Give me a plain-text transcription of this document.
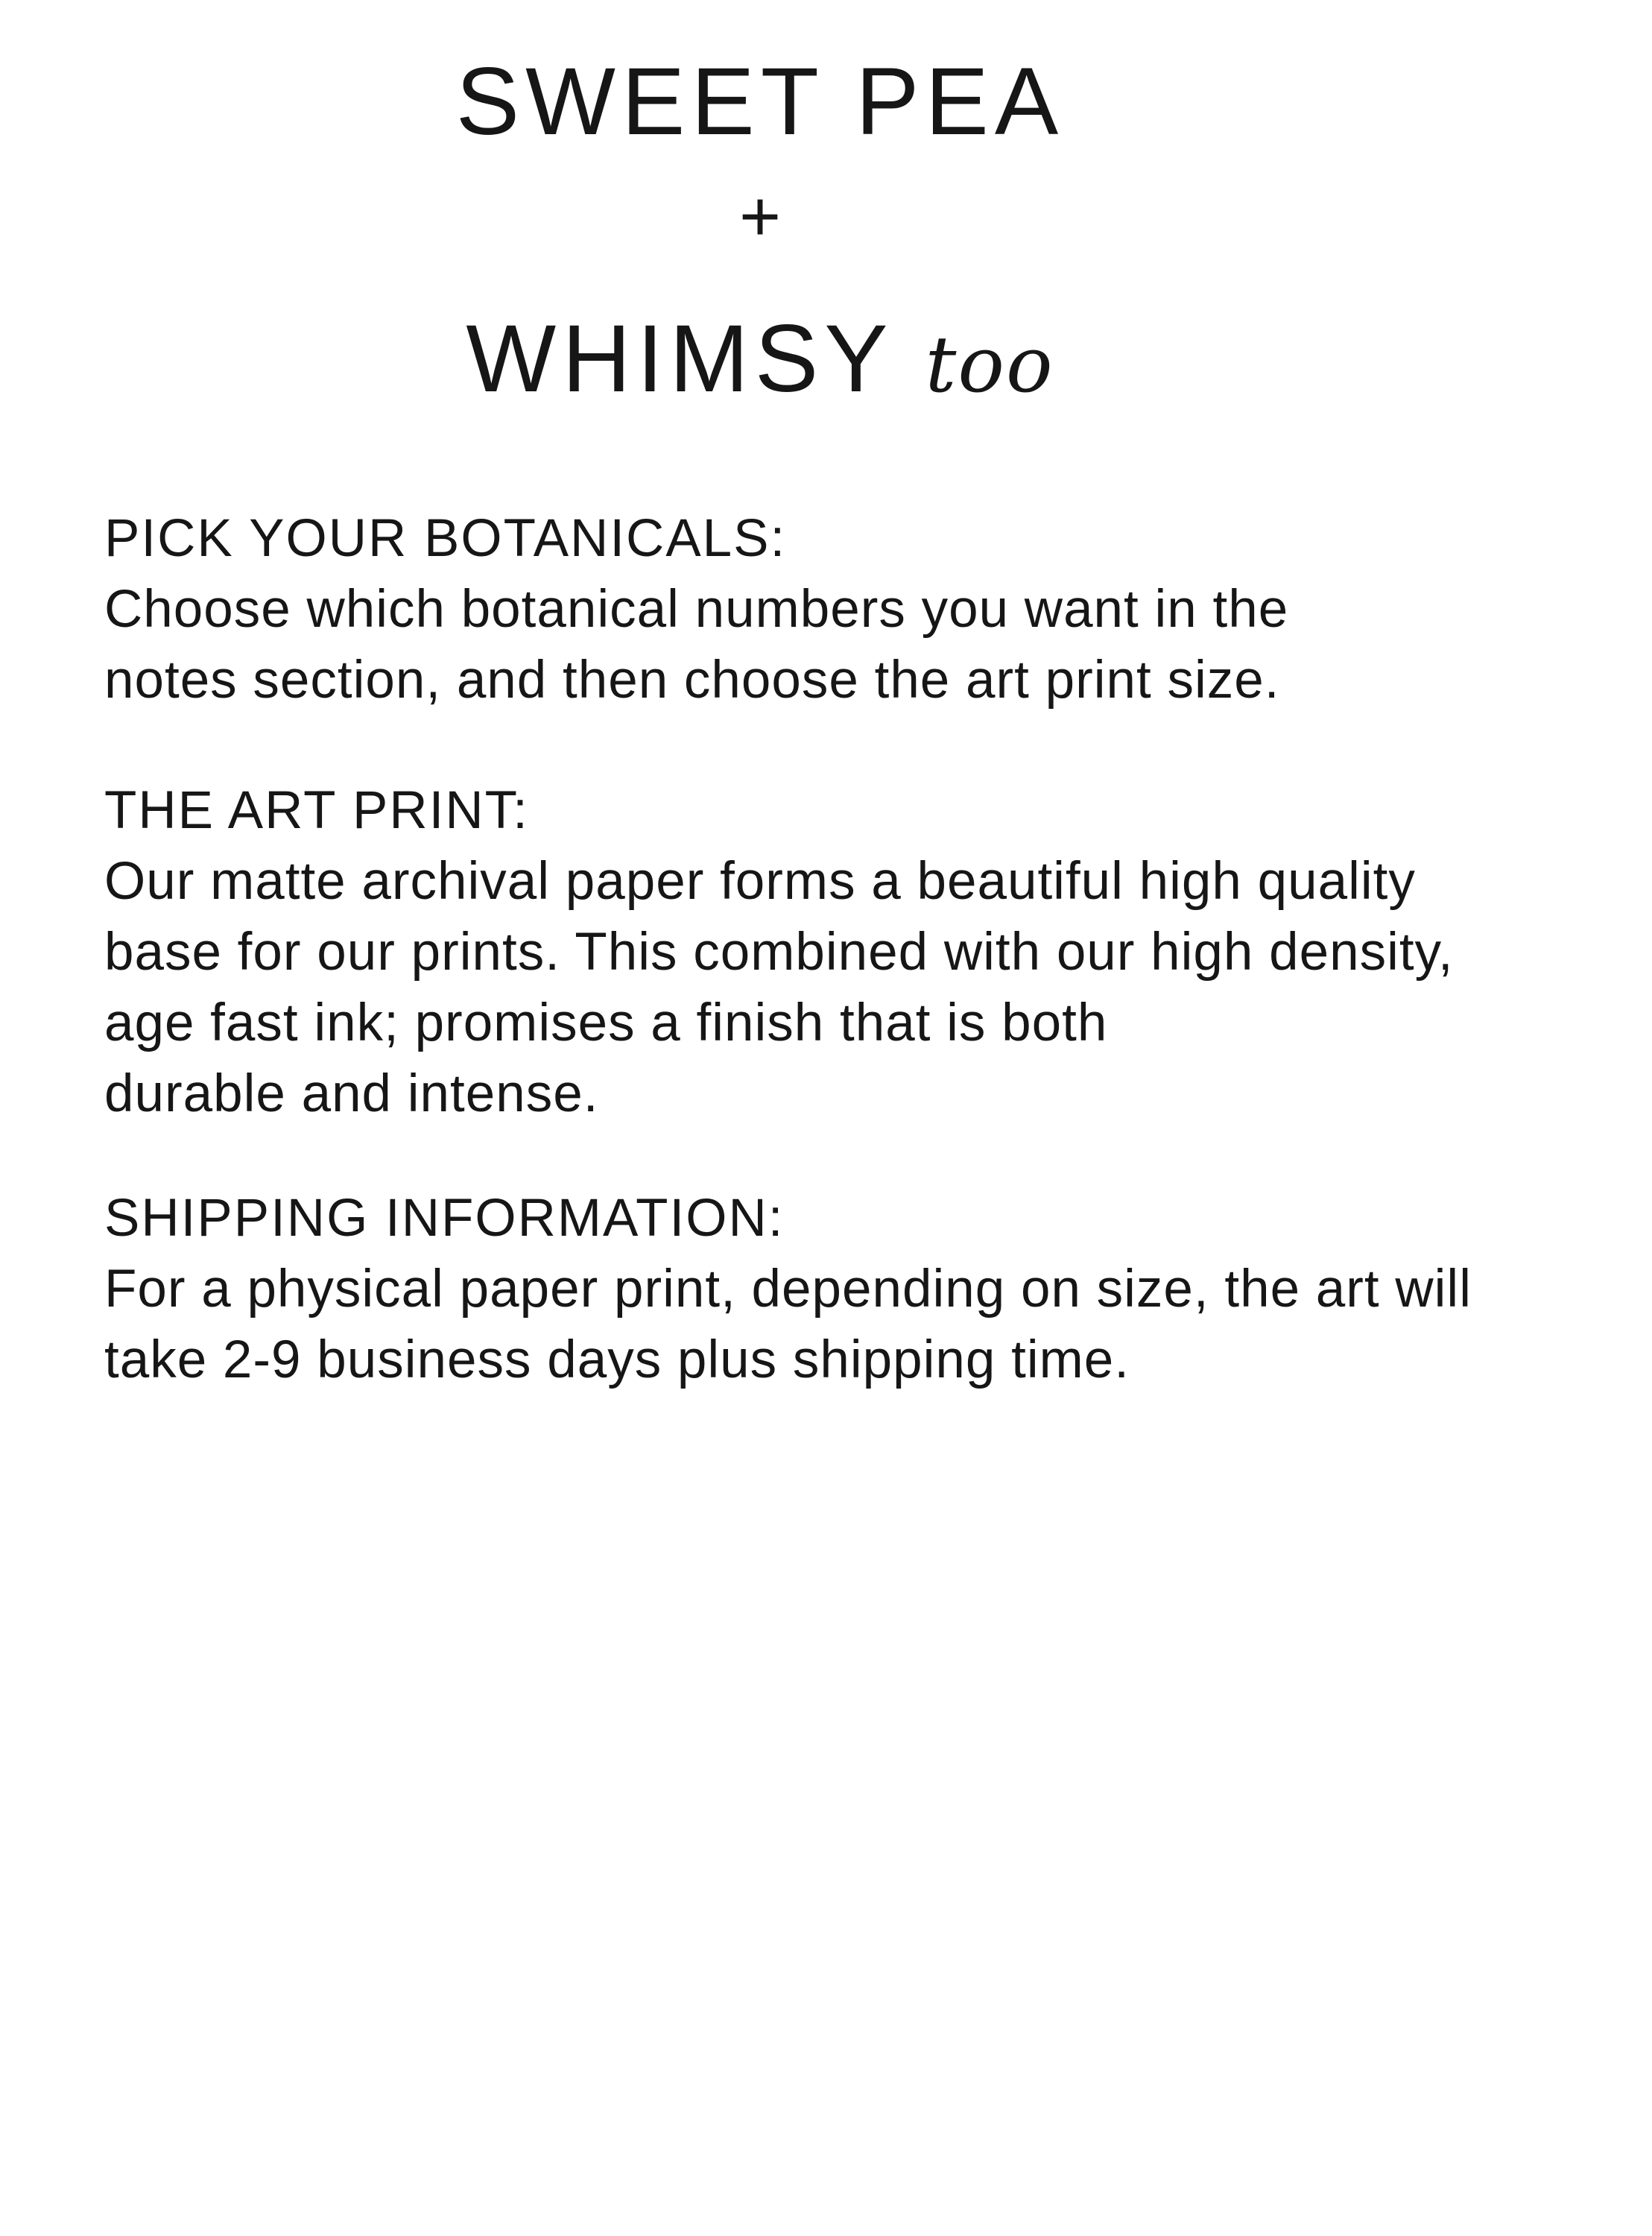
SWEET PEA
+
WHIMSY too
PICK YOUR BOTANICALS:
Choose which botanical numbers you want in the
notes section, and then choose the art print size.
THE ART PRINT:
Our matte archival paper forms a beautiful high quality
base for our prints. This combined with our high density,
age fast ink; promises a finish that is both
durable and intense.
SHIPPING INFORMATION:
For a physical paper print, depending on size, the art will
take 2-9 business days plus shipping time.
